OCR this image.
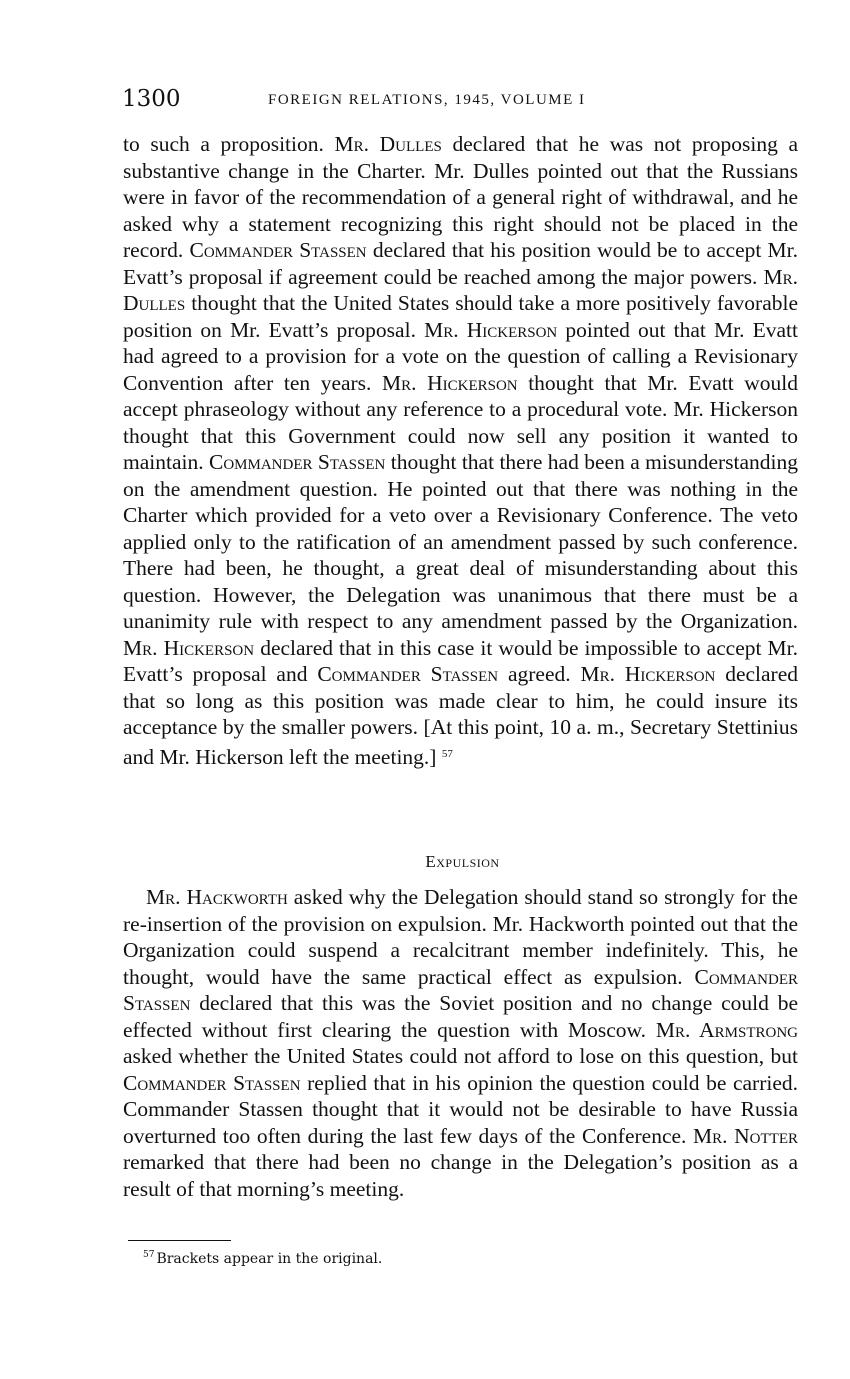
1300	FOREIGN RELATIONS, 1945, VOLUME I

to such a proposition. Mr. Dulles declared that he was not proposing a substantive change in the Charter. Mr. Dulles pointed out that the Russians were in favor of the recommendation of a general right of withdrawal, and he asked why a statement recognizing this right should not be placed in the record. Commander Stassen declared that his position would be to accept Mr. Evatt’s proposal if agreement could be reached among the major powers. Mr. Dulles thought that the United States should take a more positively favorable position on Mr. Evatt’s proposal. Mr. Hickerson pointed out that Mr. Evatt had agreed to a provision for a vote on the question of calling a Revisionary Convention after ten years. Mr. Hickerson thought that Mr. Evatt would accept phraseology without any reference to a procedural vote. Mr. Hickerson thought that this Government could now sell any position it wanted to maintain. Commander Stassen thought that there had been a misunderstanding on the amendment question. He pointed out that there was nothing in the Charter which provided for a veto over a Revisionary Conference. The veto applied only to the ratification of an amendment passed by such conference. There had been, he thought, a great deal of misunderstanding about this question. However, the Delegation was unanimous that there must be a unanimity rule with respect to any amendment passed by the Organization. Mr. Hickerson declared that in this case it would be impossible to accept Mr. Evatt’s proposal and Commander Stassen agreed. Mr. Hickerson declared that so long as this position was made clear to him, he could insure its acceptance by the smaller powers. [At this point, 10 a. m., Secretary Stettinius and Mr. Hickerson left the meeting.] $^{57}$

Expulsion

Mr. Hackworth asked why the Delegation should stand so strongly for the re-insertion of the provision on expulsion. Mr. Hackworth pointed out that the Organization could suspend a recalcitrant member indefinitely. This, he thought, would have the same practical effect as expulsion. Commander Stassen declared that this was the Soviet position and no change could be effected without first clearing the question with Moscow. Mr. Armstrong asked whether the United States could not afford to lose on this question, but Commander Stassen replied that in his opinion the question could be carried. Commander Stassen thought that it would not be desirable to have Russia overturned too often during the last few days of the Conference. Mr. Notter remarked that there had been no change in the Delegation’s position as a result of that morning’s meeting.

$^{57}$ Brackets appear in the original.
